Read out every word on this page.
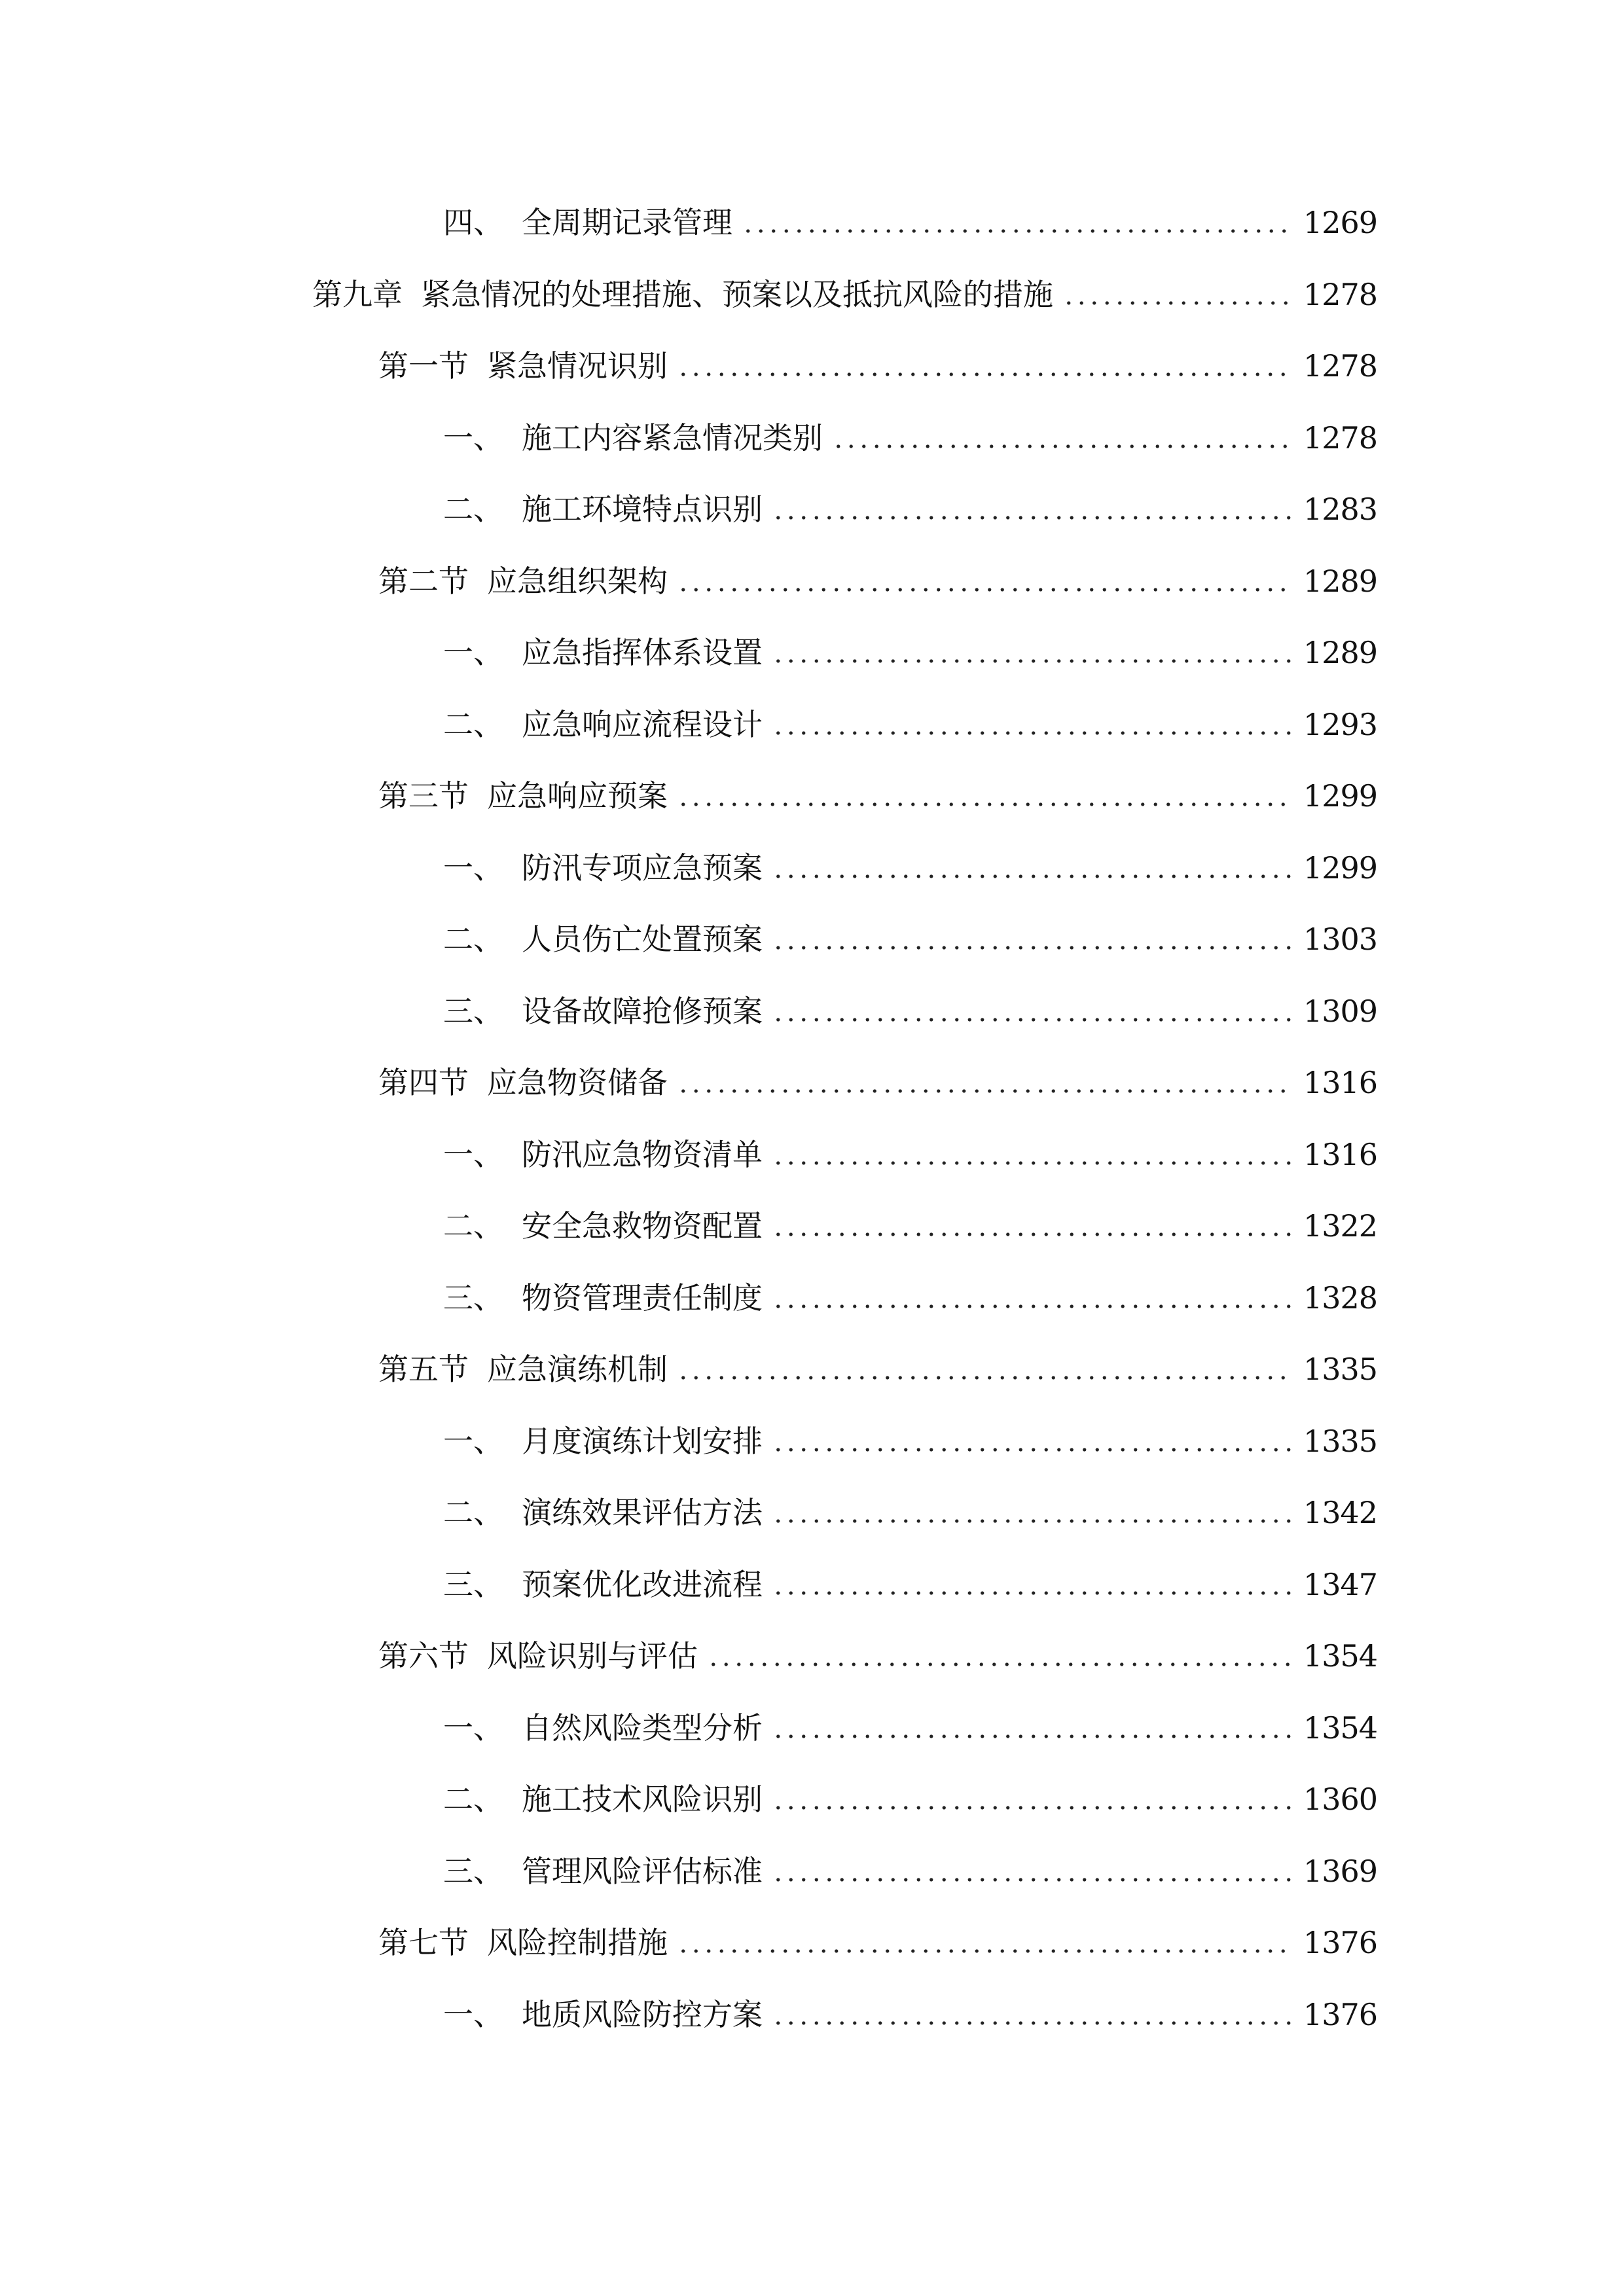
四、 全周期记录管理	1269
第九章 紧急情况的处理措施、预案以及抵抗风险的措施	1278
第一节 紧急情况识别	1278
一、 施工内容紧急情况类别	1278
二、 施工环境特点识别	1283
第二节 应急组织架构	1289
一、 应急指挥体系设置	1289
二、 应急响应流程设计	1293
第三节 应急响应预案	1299
一、 防汛专项应急预案	1299
二、 人员伤亡处置预案	1303
三、 设备故障抢修预案	1309
第四节 应急物资储备	1316
一、 防汛应急物资清单	1316
二、 安全急救物资配置	1322
三、 物资管理责任制度	1328
第五节 应急演练机制	1335
一、 月度演练计划安排	1335
二、 演练效果评估方法	1342
三、 预案优化改进流程	1347
第六节 风险识别与评估	1354
一、 自然风险类型分析	1354
二、 施工技术风险识别	1360
三、 管理风险评估标准	1369
第七节 风险控制措施	1376
一、 地质风险防控方案	1376
